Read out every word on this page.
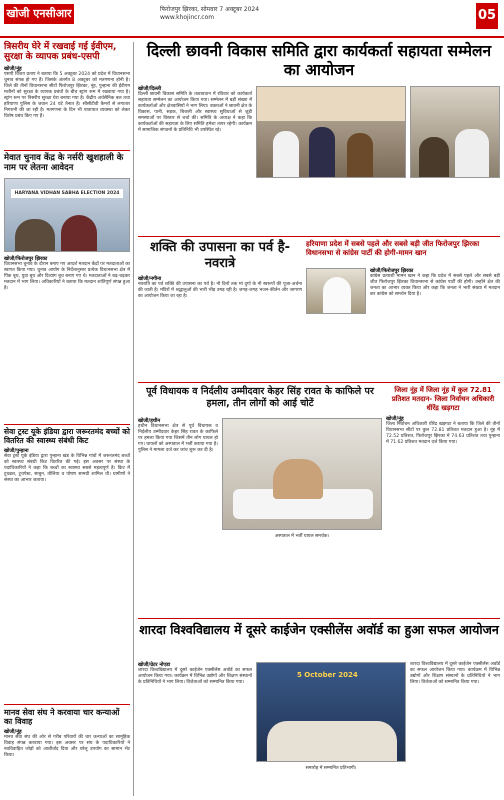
खोजी एनसीआर	फिरोजपुर झिरका, सोमवार 7 अक्टूबर 2024
www.khojincr.com	05
त्रिसरीय घेरे में रखवाई गई ईवीएम, सुरक्षा के व्यापक प्रबंध-एसपी
खोजी/नूंह

एसपी विजय प्रताप ने बताया कि 5 अक्टूबर 2024 को प्रदेश में विधानसभा चुनाव संपन्न हो गए हैं। जिसके अंतर्गत 8 अक्टूबर को मतगणना होनी है। जिले की तीनों विधानसभा सीटों फिरोजपुर झिरका, नूंह, पुन्हाना की ईवीएम मशीनों को सुरक्षा के व्यापक प्रबंधों के बीच स्ट्रांग रूम में रखवाया गया है। स्ट्रांग रूम पर त्रिसरीय सुरक्षा घेरा बनाया गया है। केंद्रीय अर्धसैनिक बल तथा हरियाणा पुलिस के जवान 24 घंटे तैनात हैं। सीसीटीवी कैमरों से लगातार निगरानी की जा रही है। मतगणना के दिन भी यातायात व्यवस्था को लेकर विशेष प्रबंध किए गए हैं।

मेवात चुनाव केंद्र के नर्सरी खुशहाली के नाम पर लेतना आवेदन
HARYANA VIDHAN SABHA ELECTION 2024
खोजी/फिरोजपुर झिरका

विधानसभा चुनाव के दौरान बनाए गए आदर्श मतदान केंद्रों पर मतदाताओं का स्वागत किया गया। चुनाव आयोग के निर्देशानुसार प्रत्येक विधानसभा क्षेत्र में पिंक बूथ, युवा बूथ और दिव्यांग बूथ बनाए गए थे। मतदाताओं ने बढ़-चढ़कर मतदान में भाग लिया। अधिकारियों ने बताया कि मतदान शांतिपूर्ण संपन्न हुआ है।

सेवा ट्रस्ट यूके इंडिया द्वारा जरूरतमंद बच्चों को वितरित की स्वास्थ्य संबंधी किट
खोजी/पुन्हाना

सेवा ट्रस्ट यूके इंडिया द्वारा पुन्हाना खंड के विभिन्न गांवों में जरूरतमंद बच्चों को स्वास्थ्य संबंधी किट वितरित की गई। इस अवसर पर संस्था के पदाधिकारियों ने कहा कि बच्चों का स्वास्थ्य सबसे महत्वपूर्ण है। किट में टूथब्रश, टूथपेस्ट, साबुन, तौलिया व पोषण सामग्री शामिल थी। ग्रामीणों ने संस्था का आभार जताया।

मानव सेवा संघ ने करवाया चार कन्याओं का विवाह
खोजी/नूंह

मानव सेवा संघ की ओर से गरीब परिवारों की चार कन्याओं का सामूहिक विवाह संपन्न करवाया गया। इस अवसर पर संघ के पदाधिकारियों ने नवविवाहित जोड़ों को आशीर्वाद दिया और घरेलू उपयोग का सामान भेंट किया।

दिल्ली छावनी विकास समिति द्वारा कार्यकर्ता सहायता सम्मेलन का आयोजन
खोजी/दिल्ली

दिल्ली छावनी विकास समिति के तत्वावधान में रविवार को कार्यकर्ता सहायता सम्मेलन का आयोजन किया गया। सम्मेलन में बड़ी संख्या में कार्यकर्ताओं और क्षेत्रवासियों ने भाग लिया। वक्ताओं ने छावनी क्षेत्र के विकास, पानी, सड़क, बिजली और स्वास्थ्य सुविधाओं से जुड़ी समस्याओं पर विस्तार से चर्चा की। समिति के अध्यक्ष ने कहा कि कार्यकर्ताओं की सहायता के लिए समिति हमेशा तत्पर रहेगी। कार्यक्रम में सामाजिक संगठनों के प्रतिनिधि भी उपस्थित रहे।

शक्ति की उपासना का पर्व है-नवरात्रे
खोजी/नगीना

नवरात्रि का पर्व शक्ति की उपासना का पर्व है। नौ दिनों तक मां दुर्गा के नौ स्वरूपों की पूजा-अर्चना की जाती है। मंदिरों में श्रद्धालुओं की भारी भीड़ उमड़ रही है। जगह-जगह भजन-कीर्तन और जागरण का आयोजन किया जा रहा है।

हरियाणा प्रदेश में सबसे पहले और सबसे बड़ी जीत फिरोजपुर झिरका विधानसभा से कांग्रेस पार्टी की होगी-मामन खान
खोजी/फिरोजपुर झिरका

कांग्रेस प्रत्याशी मामन खान ने कहा कि प्रदेश में सबसे पहले और सबसे बड़ी जीत फिरोजपुर झिरका विधानसभा से कांग्रेस पार्टी की होगी। उन्होंने क्षेत्र की जनता का आभार व्यक्त किया और कहा कि जनता ने भारी संख्या में मतदान कर कांग्रेस को समर्थन दिया है।

पूर्व विधायक व निर्दलीय उम्मीदवार केहर सिंह रावत के काफिले पर हमला, तीन लोगों को आई चोटें
खोजी/हथीन

हथीन विधानसभा क्षेत्र से पूर्व विधायक व निर्दलीय उम्मीदवार केहर सिंह रावत के काफिले पर हमला किया गया जिसमें तीन लोग घायल हो गए। घायलों को अस्पताल में भर्ती कराया गया है। पुलिस ने मामला दर्ज कर जांच शुरू कर दी है।

अस्पताल में भर्ती घायल समर्थक।
जिला नूंह में जिला नूंह में कुल 72.81 प्रतिशत मतदान- जिला निर्वाचन अधिकारी धीरेंद्र खड़गटा
खोजी/नूंह

जिला निर्वाचन अधिकारी धीरेंद्र खड़गटा ने बताया कि जिले की तीनों विधानसभा सीटों पर कुल 72.81 प्रतिशत मतदान हुआ है। नूंह में 72.52 प्रतिशत, फिरोजपुर झिरका में 74.63 प्रतिशत तथा पुन्हाना में 71.62 प्रतिशत मतदान दर्ज किया गया।

शारदा विश्वविद्यालय में दूसरे काईजेन एक्सीलेंस अवॉर्ड का हुआ सफल आयोजन
खोजी/ग्रेटर नोएडा

शारदा विश्वविद्यालय में दूसरे काईजेन एक्सीलेंस अवॉर्ड का सफल आयोजन किया गया। कार्यक्रम में विभिन्न उद्योगों और शिक्षण संस्थानों के प्रतिनिधियों ने भाग लिया। विजेताओं को सम्मानित किया गया।

5 October 2024
समारोह में सम्मानित प्रतिभागी।

शारदा विश्वविद्यालय में दूसरे काईजेन एक्सीलेंस अवॉर्ड का सफल आयोजन किया गया। कार्यक्रम में विभिन्न उद्योगों और शिक्षण संस्थानों के प्रतिनिधियों ने भाग लिया। विजेताओं को सम्मानित किया गया।
